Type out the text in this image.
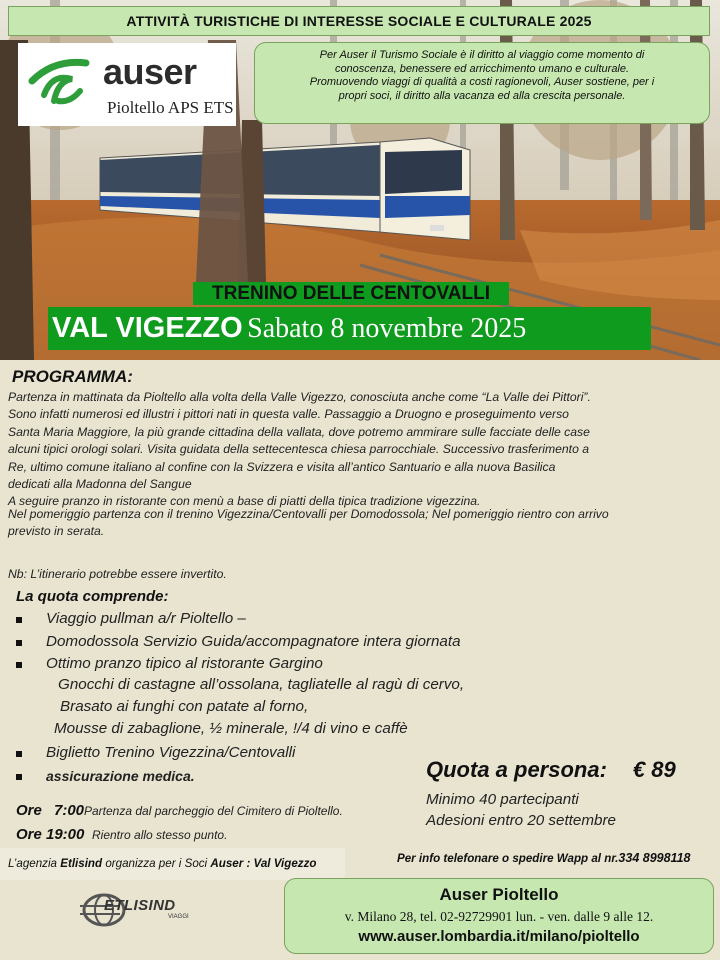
ATTIVITÀ TURISTICHE DI INTERESSE SOCIALE E CULTURALE 2025
auser
Pioltello APS ETS
Per Auser il Turismo Sociale è il diritto al viaggio come momento di
conoscenza, benessere ed arricchimento umano e culturale.
Promuovendo viaggi di qualità a costi ragionevoli, Auser sostiene, per i
propri soci, il diritto alla vacanza ed alla crescita personale.
TRENINO DELLE CENTOVALLI
VAL VIGEZZO Sabato 8 novembre 2025
PROGRAMMA:
Partenza in mattinata da Pioltello alla volta della Valle Vigezzo, conosciuta anche come “La Valle dei Pittori”.
Sono infatti numerosi ed illustri i pittori nati in questa valle. Passaggio a Druogno e proseguimento verso
Santa Maria Maggiore, la più grande cittadina della vallata, dove potremo ammirare sulle facciate delle case
alcuni tipici orologi solari. Visita guidata della settecentesca chiesa parrocchiale. Successivo trasferimento a
Re, ultimo comune italiano al confine con la Svizzera e visita all’antico Santuario e alla nuova Basilica
dedicati alla Madonna del Sangue
A seguire pranzo in ristorante con menù a base di piatti della tipica tradizione vigezzina.
Nel pomeriggio partenza con il trenino Vigezzina/Centovalli per Domodossola; Nel pomeriggio rientro con arrivo
previsto in serata.
Nb: L’itinerario potrebbe essere invertito.
La quota comprende:
Viaggio pullman a/r Pioltello –
Domodossola Servizio Guida/accompagnatore intera giornata
Ottimo pranzo tipico al ristorante Gargino
Gnocchi di castagne all’ossolana, tagliatelle al ragù di cervo,
Brasato ai funghi con patate al forno,
Mousse di zabaglione, ½ minerale, !/4 di vino e caffè
Biglietto Trenino Vigezzina/Centovalli
assicurazione medica.	Quota a persona: € 89
Minimo 40 partecipanti
Adesioni entro 20 settembre
Ore 7:00Partenza dal parcheggio del Cimitero di Pioltello.
Ore 19:00 Rientro allo stesso punto.
L’agenzia Etlisind organizza per i Soci Auser : Val Vigezzo	Per info telefonare o spedire Wapp al nr.334 8998118
ETLISIND
VIAGGI
Auser Pioltello
v. Milano 28, tel. 02-92729901 lun. - ven. dalle 9 alle 12.
www.auser.lombardia.it/milano/pioltello
